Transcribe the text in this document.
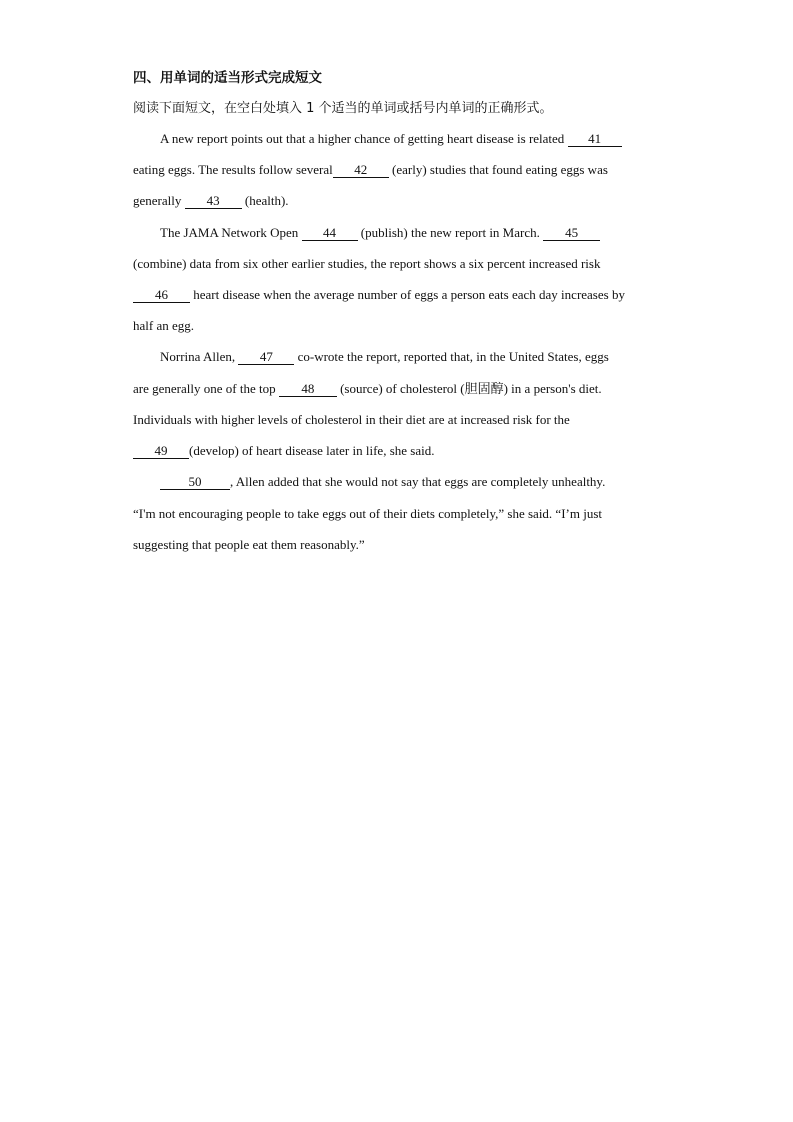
四、用单词的适当形式完成短文
阅读下面短文，在空白处填入 1 个适当的单词或括号内单词的正确形式。
A new report points out that a higher chance of getting heart disease is related 41
eating eggs. The results follow several 42 (early) studies that found eating eggs was
generally 43 (health).
The JAMA Network Open 44 (publish) the new report in March. 45
(combine) data from six other earlier studies, the report shows a six percent increased risk
46 heart disease when the average number of eggs a person eats each day increases by
half an egg.
Norrina Allen, 47 co-wrote the report, reported that, in the United States, eggs
are generally one of the top 48 (source) of cholesterol (胆固醇) in a person's diet.
Individuals with higher levels of cholesterol in their diet are at increased risk for the
49 (develop) of heart disease later in life, she said.
50 , Allen added that she would not say that eggs are completely unhealthy.
“I'm not encouraging people to take eggs out of their diets completely,” she said. “I’m just
suggesting that people eat them reasonably.”
